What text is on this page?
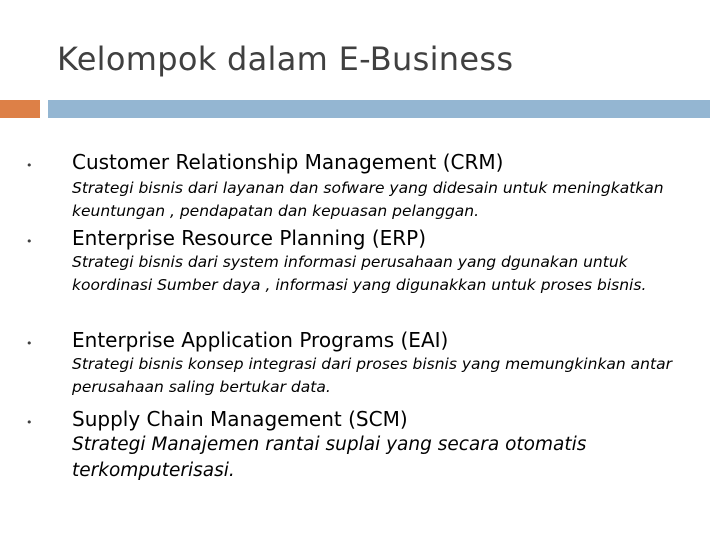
Kelompok dalam E-Business
• Customer Relationship Management (CRM)
Strategi bisnis dari layanan dan sofware yang didesain untuk meningkatkan keuntungan , pendapatan dan kepuasan pelanggan.
• Enterprise Resource Planning (ERP)
Strategi bisnis dari system informasi perusahaan yang dgunakan untuk koordinasi Sumber daya , informasi yang digunakkan untuk proses bisnis.
• Enterprise Application Programs (EAI)
Strategi bisnis konsep integrasi dari proses bisnis yang memungkinkan antar perusahaan saling bertukar data.
• Supply Chain Management (SCM)
Strategi Manajemen rantai suplai yang secara otomatis terkomputerisasi.
